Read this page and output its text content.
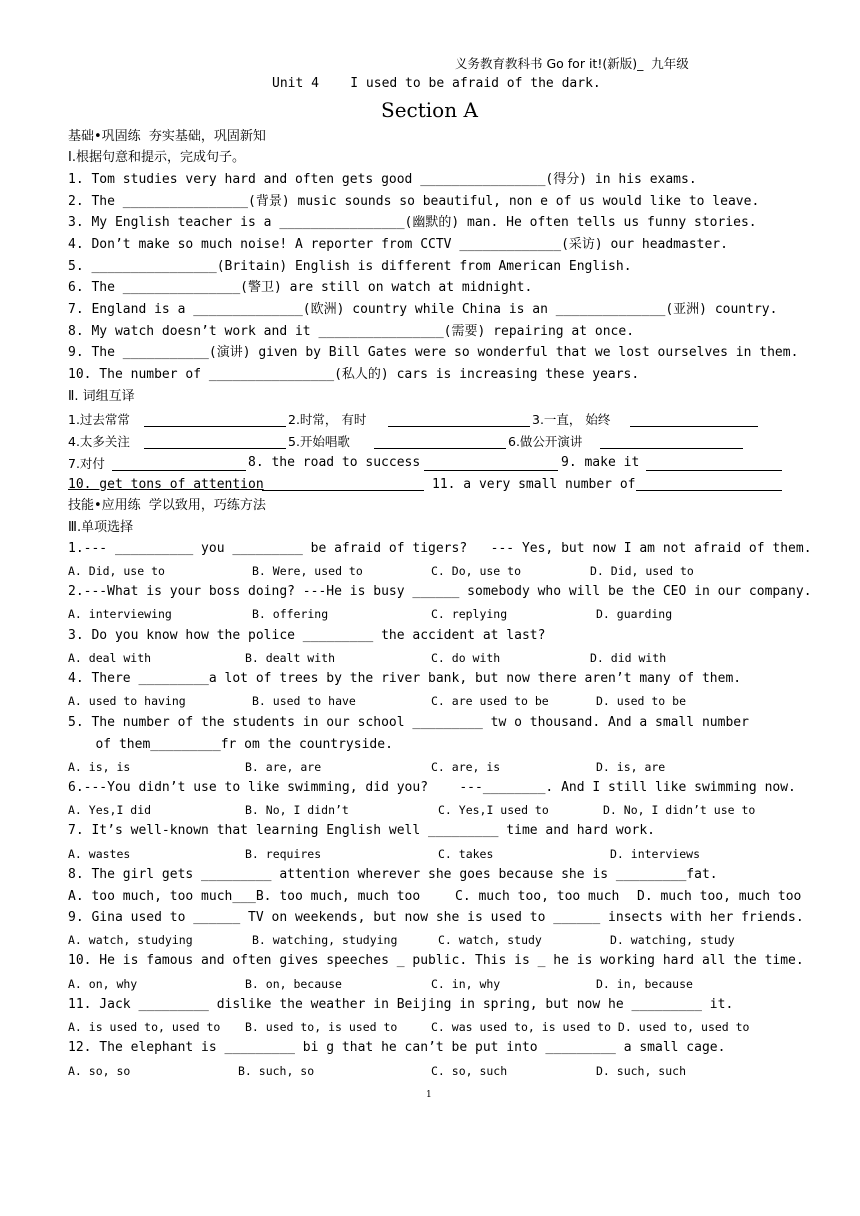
义务教育教科书 Go for it!(新版)_  九年级
Unit 4    I used to be afraid of the dark.
Section A
基础•巩固练  夯实基础，巩固新知
Ⅰ.根据句意和提示，完成句子。
1. Tom studies very hard and often gets good ________________(得分) in his exams.
2. The ________________(背景) music sounds so beautiful, non e of us would like to leave.
3. My English teacher is a ________________(幽默的) man. He often tells us funny stories.
4. Don’t make so much noise! A reporter from CCTV _____________(采访) our headmaster.
5. ________________(Britain) English is different from American English.
6. The _______________(警卫) are still on watch at midnight.
7. England is a ______________(欧洲) country while China is an ______________(亚洲) country.
8. My watch doesn’t work and it ________________(需要) repairing at once.
9. The ___________(演讲) given by Bill Gates were so wonderful that we lost ourselves in them.
10. The number of ________________(私人的) cars is increasing these years.
Ⅱ. 词组互译
1.过去常常	2.时常， 有时	3.一直， 始终
4.太多关注	5.开始唱歌	6.做公开演讲
7.对付	8. the road to success	9. make it
10. get tons of attention	11. a very small number of
技能•应用练  学以致用，巧练方法
Ⅲ.单项选择
1.--- __________ you _________ be afraid of tigers?   --- Yes, but now I am not afraid of them.
A. Did, use to	B. Were, used to	C. Do, use to	D. Did, used to
2.---What is your boss doing? ---He is busy ______ somebody who will be the CEO in our company.
A. interviewing	B. offering	C. replying	D. guarding
3. Do you know how the police _________ the accident at last?
A. deal with	B. dealt with	C. do with	D. did with
4. There _________a lot of trees by the river bank, but now there aren’t many of them.
A. used to having	B. used to have	C. are used to be	D. used to be
5. The number of the students in our school _________ tw o thousand. And a small number
of them_________fr om the countryside.
A. is, is	B. are, are	C. are, is	D. is, are
6.---You didn’t use to like swimming, did you?    ---________. And I still like swimming now.
A. Yes,I did	B. No, I didn’t	C. Yes,I used to	D. No, I didn’t use to
7. It’s well-known that learning English well _________ time and hard work.
A. wastes	B. requires	C. takes	D. interviews
8. The girl gets _________ attention wherever she goes because she is _________fat.
A. too much, too much___B. too much, much too	C. much too, too much D. much too, much too
9. Gina used to ______ TV on weekends, but now she is used to ______ insects with her friends.
A. watch, studying	B. watching, studying	C. watch, study	D. watching, study
10. He is famous and often gives speeches _ public. This is _ he is working hard all the time.
A. on, why	B. on, because	C. in, why	D. in, because
11. Jack _________ dislike the weather in Beijing in spring, but now he _________ it.
A. is used to, used to B. used to, is used to	C. was used to, is used to D. used to, used to
12. The elephant is _________ bi g that he can’t be put into _________ a small cage.
A. so, so	B. such, so	C. so, such	D. such, such
1
